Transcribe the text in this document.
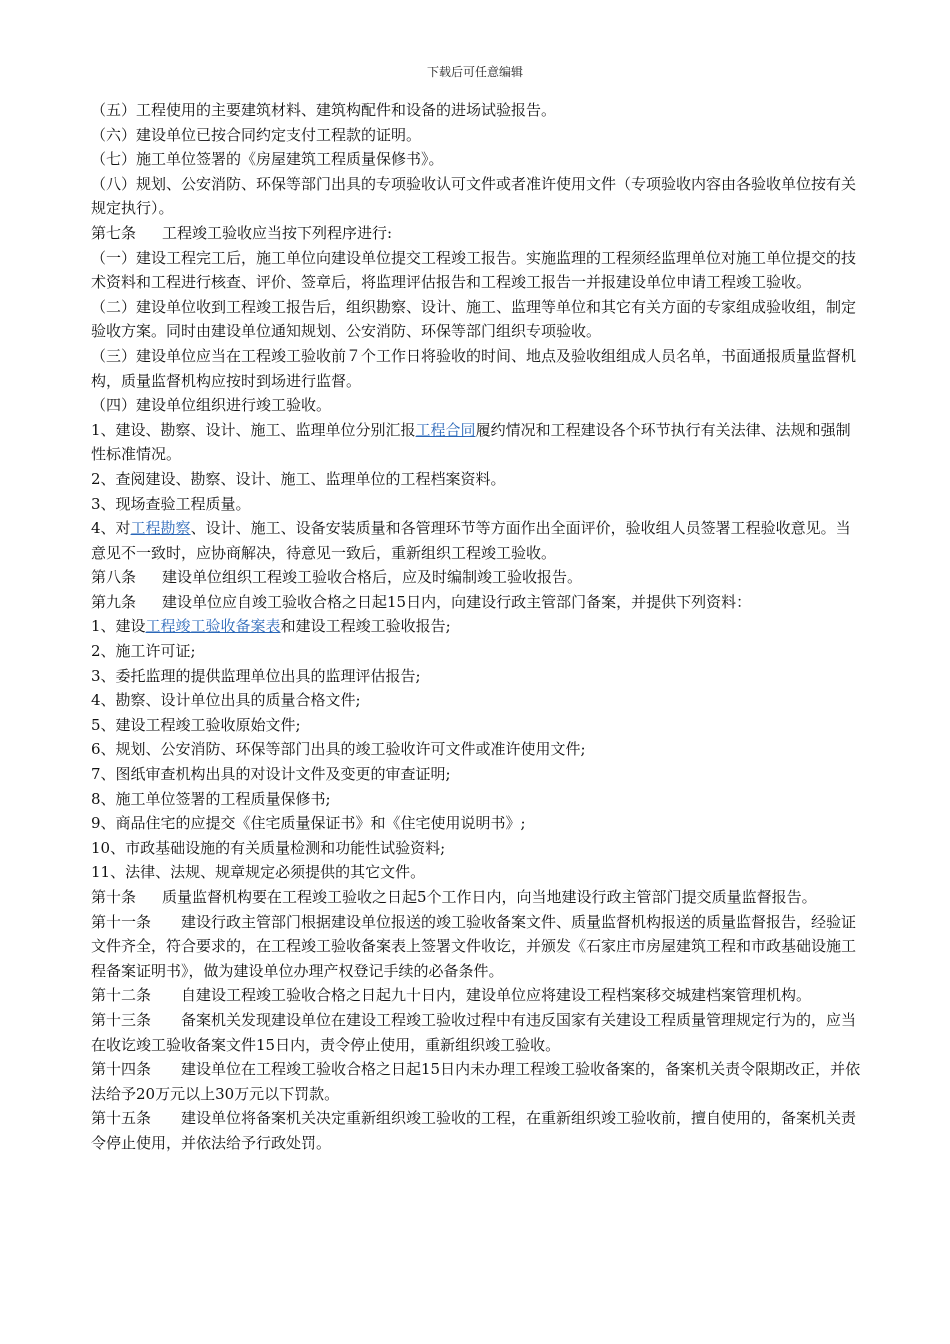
下载后可任意编辑

（五）工程使用的主要建筑材料、建筑构配件和设备的进场试验报告。

（六）建设单位已按合同约定支付工程款的证明。

（七）施工单位签署的《房屋建筑工程质量保修书》。

（八）规划、公安消防、环保等部门出具的专项验收认可文件或者准许使用文件（专项验收内容由各验收单位按有关规定执行）。

第七条 工程竣工验收应当按下列程序进行:

（一）建设工程完工后，施工单位向建设单位提交工程竣工报告。实施监理的工程须经监理单位对施工单位提交的技术资料和工程进行核查、评价、签章后，将监理评估报告和工程竣工报告一并报建设单位申请工程竣工验收。

（二）建设单位收到工程竣工报告后，组织勘察、设计、施工、监理等单位和其它有关方面的专家组成验收组，制定验收方案。同时由建设单位通知规划、公安消防、环保等部门组织专项验收。

（三）建设单位应当在工程竣工验收前７个工作日将验收的时间、地点及验收组组成人员名单，书面通报质量监督机构，质量监督机构应按时到场进行监督。

（四）建设单位组织进行竣工验收。

1、建设、勘察、设计、施工、监理单位分别汇报工程合同履约情况和工程建设各个环节执行有关法律、法规和强制性标准情况。

2、查阅建设、勘察、设计、施工、监理单位的工程档案资料。

3、现场查验工程质量。

4、对工程勘察、设计、施工、设备安装质量和各管理环节等方面作出全面评价，验收组人员签署工程验收意见。当意见不一致时，应协商解决，待意见一致后，重新组织工程竣工验收。

第八条 建设单位组织工程竣工验收合格后，应及时编制竣工验收报告。

第九条 建设单位应自竣工验收合格之日起15日内，向建设行政主管部门备案，并提供下列资料：

1、建设工程竣工验收备案表和建设工程竣工验收报告;

2、施工许可证;

3、委托监理的提供监理单位出具的监理评估报告;

4、勘察、设计单位出具的质量合格文件;

5、建设工程竣工验收原始文件;

6、规划、公安消防、环保等部门出具的竣工验收许可文件或准许使用文件;

7、图纸审查机构出具的对设计文件及变更的审查证明;

8、施工单位签署的工程质量保修书;

9、商品住宅的应提交《住宅质量保证书》和《住宅使用说明书》;

10、市政基础设施的有关质量检测和功能性试验资料;

11、法律、法规、规章规定必须提供的其它文件。

第十条 质量监督机构要在工程竣工验收之日起5个工作日内，向当地建设行政主管部门提交质量监督报告。

第十一条 建设行政主管部门根据建设单位报送的竣工验收备案文件、质量监督机构报送的质量监督报告，经验证文件齐全，符合要求的，在工程竣工验收备案表上签署文件收讫，并颁发《石家庄市房屋建筑工程和市政基础设施工程备案证明书》，做为建设单位办理产权登记手续的必备条件。

第十二条 自建设工程竣工验收合格之日起九十日内，建设单位应将建设工程档案移交城建档案管理机构。

第十三条 备案机关发现建设单位在建设工程竣工验收过程中有违反国家有关建设工程质量管理规定行为的，应当在收讫竣工验收备案文件15日内，责令停止使用，重新组织竣工验收。

第十四条 建设单位在工程竣工验收合格之日起15日内未办理工程竣工验收备案的，备案机关责令限期改正，并依法给予20万元以上30万元以下罚款。

第十五条 建设单位将备案机关决定重新组织竣工验收的工程，在重新组织竣工验收前，擅自使用的，备案机关责令停止使用，并依法给予行政处罚。
